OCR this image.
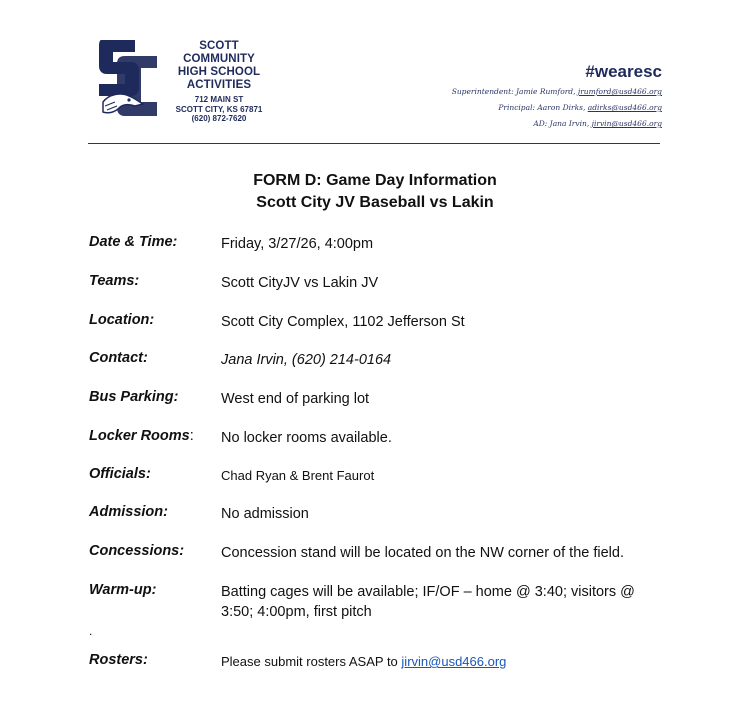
SCOTT COMMUNITY
HIGH SCHOOL
ACTIVITIES
712 MAIN ST
SCOTT CITY, KS 67871
(620) 872-7620
#wearesc
Superintendent: Jamie Rumford, jrumford@usd466.org
Principal: Aaron Dirks, adirks@usd466.org
AD: Jana Irvin, jirvin@usd466.org
FORM D: Game Day Information
Scott City JV Baseball vs Lakin
Date & Time:	Friday, 3/27/26, 4:00pm
Teams:	Scott CityJV vs Lakin JV
Location:	Scott City Complex, 1102 Jefferson St
Contact:	Jana Irvin, (620) 214-0164
Bus Parking:	West end of parking lot
Locker Rooms: No locker rooms available.
Officials:	Chad Ryan & Brent Faurot
Admission:	No admission
Concessions:	Concession stand will be located on the NW corner of the field.
Warm-up:	Batting cages will be available; IF/OF – home @ 3:40; visitors @ 3:50; 4:00pm, first pitch
.
Rosters:	Please submit rosters ASAP to jirvin@usd466.org
